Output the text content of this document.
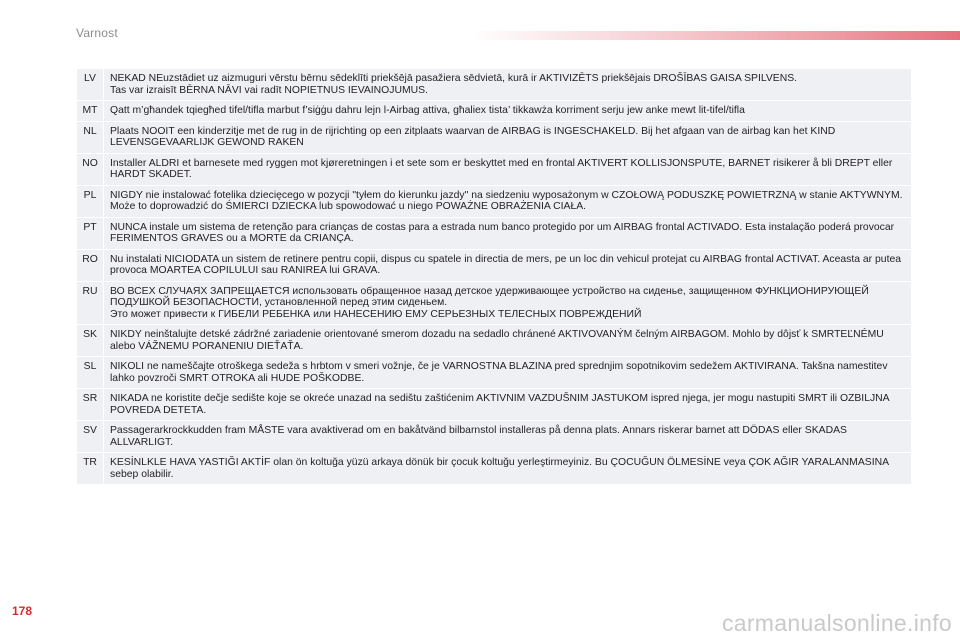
Varnost
LV	NEKAD NEuzstādiet uz aizmuguri vērstu bērnu sēdeklīti priekšējā pasažiera sēdvietā, kurā ir AKTIVIZĒTS priekšējais DROŠĪBAS GAISA SPILVENS.
Tas var izraisīt BĒRNA NĀVI vai radīt NOPIETNUS IEVAINOJUMUS.
MT	Qatt m’għandek tqiegħed tifel/tifla marbut f’siġġu dahru lejn l-Airbag attiva, għaliex tista’ tikkawża korriment serju jew anke mewt lit-tifel/tifla
NL	Plaats NOOIT een kinderzitje met de rug in de rijrichting op een zitplaats waarvan de AIRBAG is INGESCHAKELD. Bij het afgaan van de airbag kan het KIND LEVENSGEVAARLIJK GEWOND RAKEN
NO	Installer ALDRI et barnesete med ryggen mot kjøreretningen i et sete som er beskyttet med en frontal AKTIVERT KOLLISJONSPUTE, BARNET risikerer å bli DREPT eller HARDT SKADET.
PL	NIGDY nie instalować fotelika dziecięcego w pozycji "tyłem do kierunku jazdy" na siedzeniu wyposażonym w CZOŁOWĄ PODUSZKĘ POWIETRZNĄ w stanie AKTYWNYM. Może to doprowadzić do ŚMIERCI DZIECKA lub spowodować u niego POWAŻNE OBRAŻENIA CIAŁA.
PT	NUNCA instale um sistema de retenção para crianças de costas para a estrada num banco protegido por um AIRBAG frontal ACTIVADO. Esta instalação poderá provocar FERIMENTOS GRAVES ou a MORTE da CRIANÇA.
RO	Nu instalati NICIODATA un sistem de retinere pentru copii, dispus cu spatele in directia de mers, pe un loc din vehicul protejat cu AIRBAG frontal ACTIVAT. Aceasta ar putea provoca MOARTEA COPILULUI sau RANIREA lui GRAVA.
RU	ВО ВСЕХ СЛУЧАЯХ ЗАПРЕЩАЕТСЯ использовать обращенное назад детское удерживающее устройство на сиденье, защищенном ФУНКЦИОНИРУЮЩЕЙ ПОДУШКОЙ БЕЗОПАСНОСТИ, установленной перед этим сиденьем.
Это может привести к ГИБЕЛИ РЕБЕНКА или НАНЕСЕНИЮ ЕМУ СЕРЬЕЗНЫХ ТЕЛЕСНЫХ ПОВРЕЖДЕНИЙ
SK	NIKDY neinštalujte detské zádržné zariadenie orientované smerom dozadu na sedadlo chránené AKTIVOVANÝM čelným AIRBAGOM. Mohlo by dôjsť k SMRTEĽNÉMU alebo VÁŽNEMU PORANENIU DIEŤAŤA.
SL	NIKOLI ne nameščajte otroškega sedeža s hrbtom v smeri vožnje, če je VARNOSTNA BLAZINA pred sprednjim sopotnikovim sedežem AKTIVIRANA. Takšna namestitev lahko povzroči SMRT OTROKA ali HUDE POŠKODBE.
SR	NIKADA ne koristite dečje sedište koje se okreće unazad na sedištu zaštićenim AKTIVNIM VAZDUŠNIM JASTUKOM ispred njega, jer mogu nastupiti SMRT ili OZBILJNA POVREDA DETETA.
SV	Passagerarkrockkudden fram MÅSTE vara avaktiverad om en bakåtvänd bilbarnstol installeras på denna plats. Annars riskerar barnet att DÖDAS eller SKADAS ALLVARLIGT.
TR	KESİNLKLE HAVA YASTIĞI AKTİF olan ön koltuğa yüzü arkaya dönük bir çocuk koltuğu yerleştirmeyiniz. Bu ÇOCUĞUN ÖLMESİNE veya ÇOK AĞIR YARALANMASINA sebep olabilir.
178	carmanualsonline.info
